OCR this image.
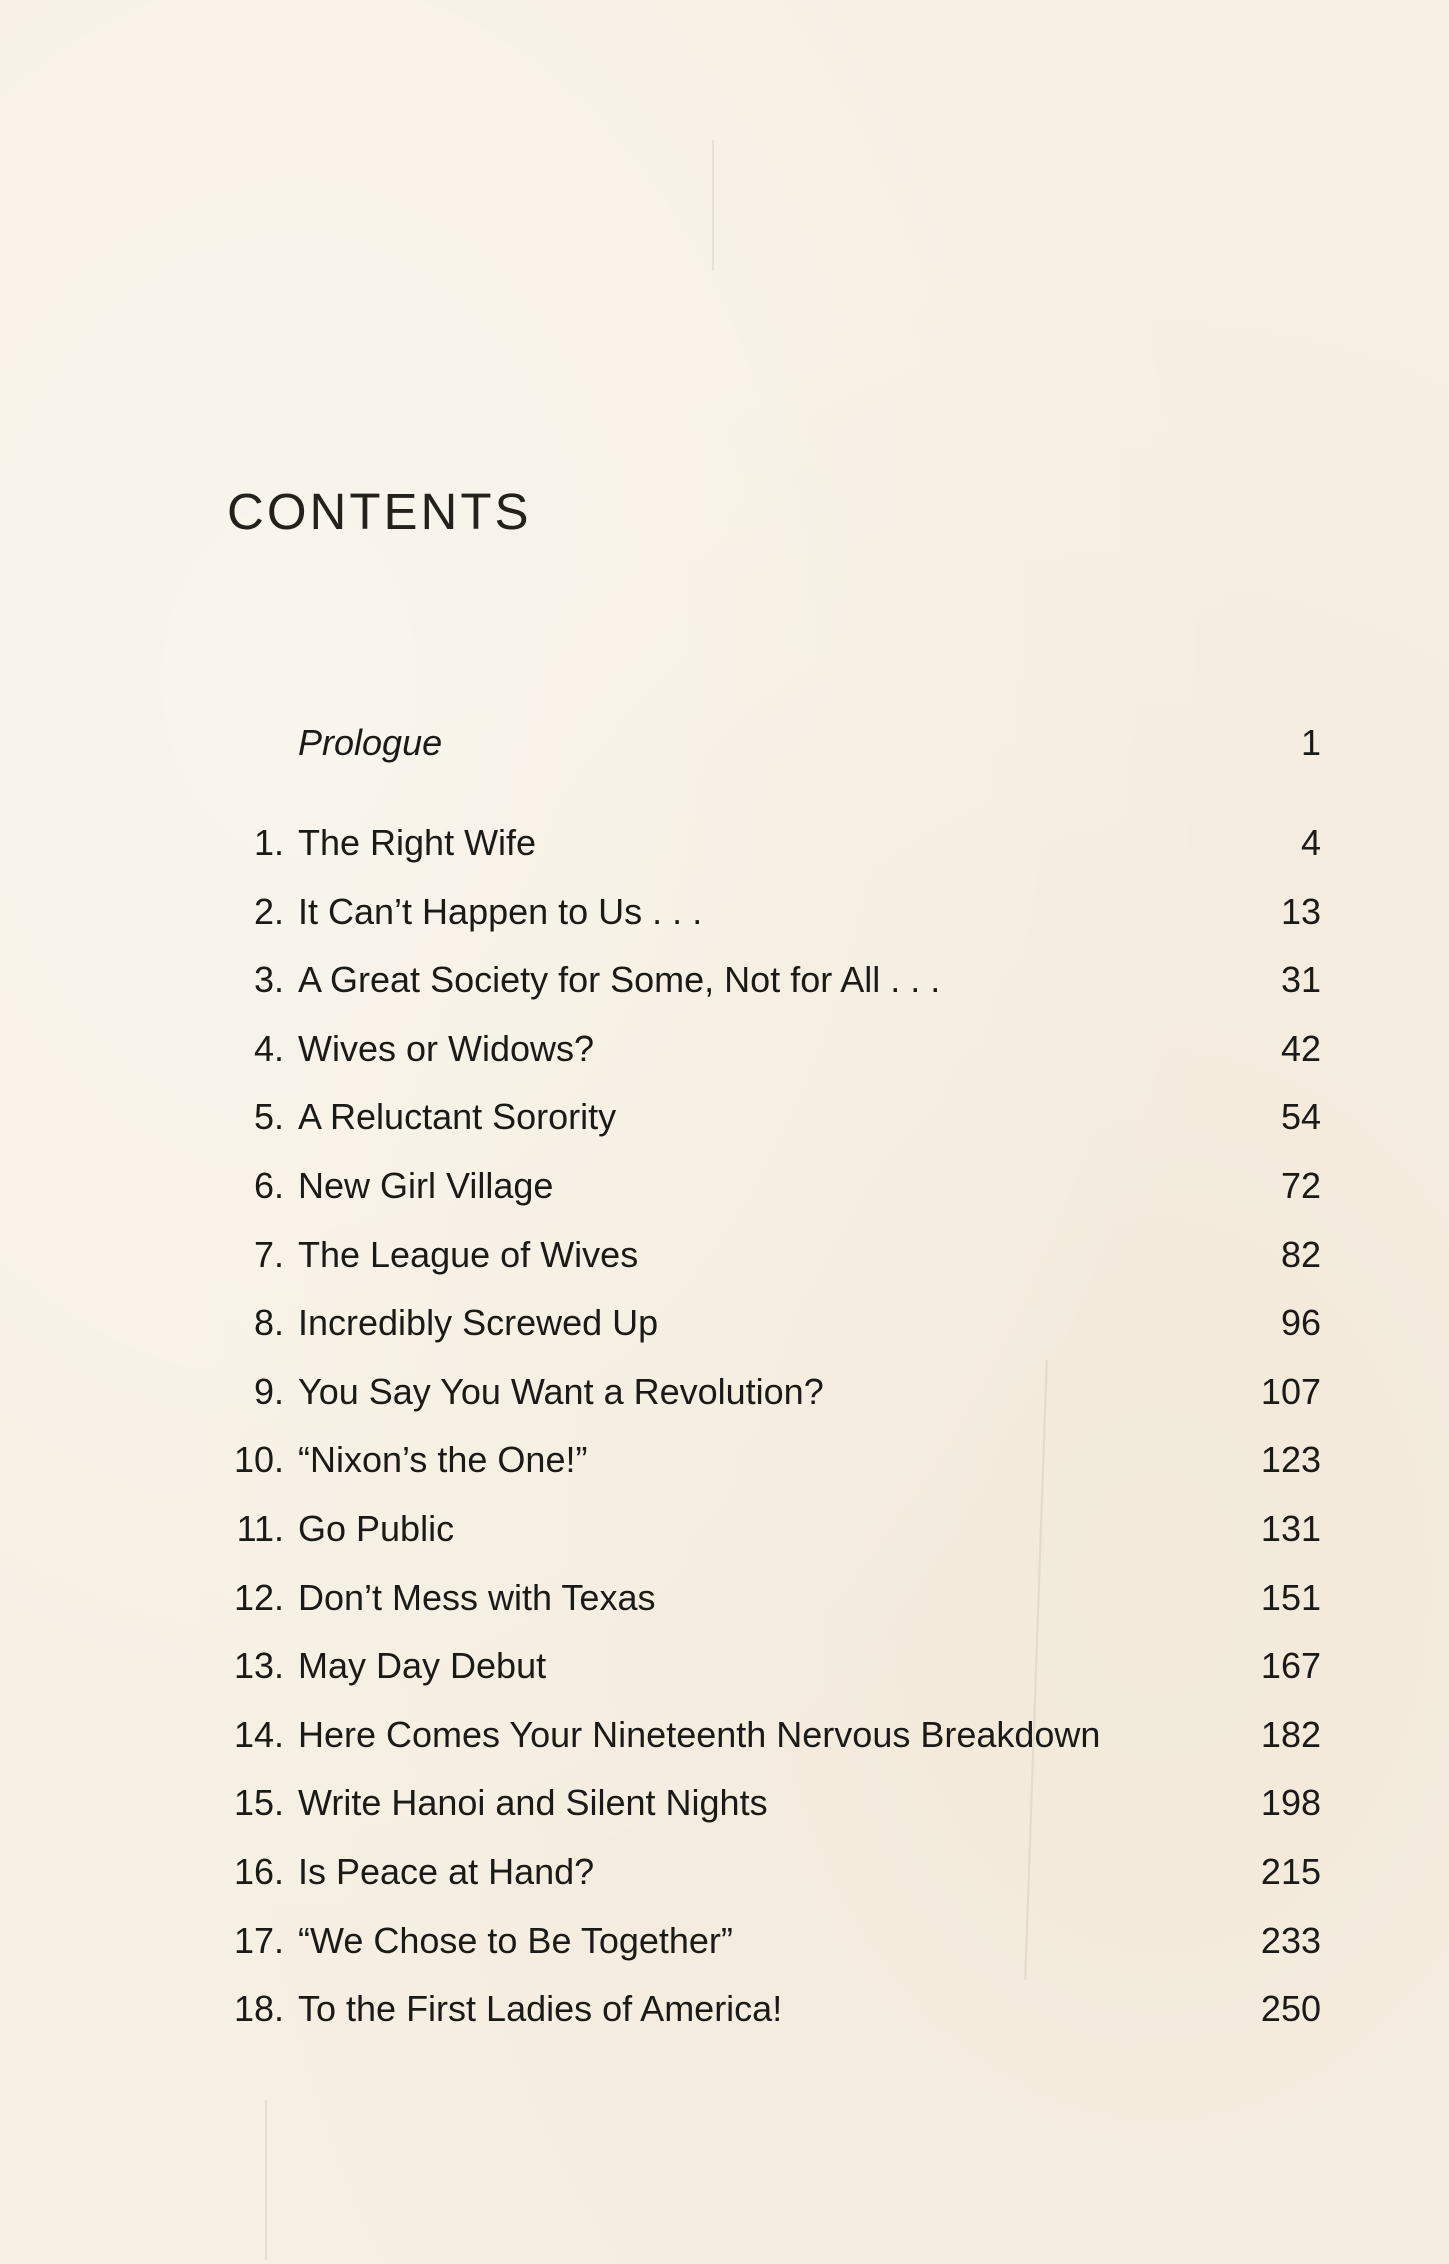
CONTENTS
Prologue	1
1. The Right Wife	4
2. It Can’t Happen to Us . . .	13
3. A Great Society for Some, Not for All . . .	31
4. Wives or Widows?	42
5. A Reluctant Sorority	54
6. New Girl Village	72
7. The League of Wives	82
8. Incredibly Screwed Up	96
9. You Say You Want a Revolution?	107
10. “Nixon’s the One!”	123
11. Go Public	131
12. Don’t Mess with Texas	151
13. May Day Debut	167
14. Here Comes Your Nineteenth Nervous Breakdown	182
15. Write Hanoi and Silent Nights	198
16. Is Peace at Hand?	215
17. “We Chose to Be Together”	233
18. To the First Ladies of America!	250
